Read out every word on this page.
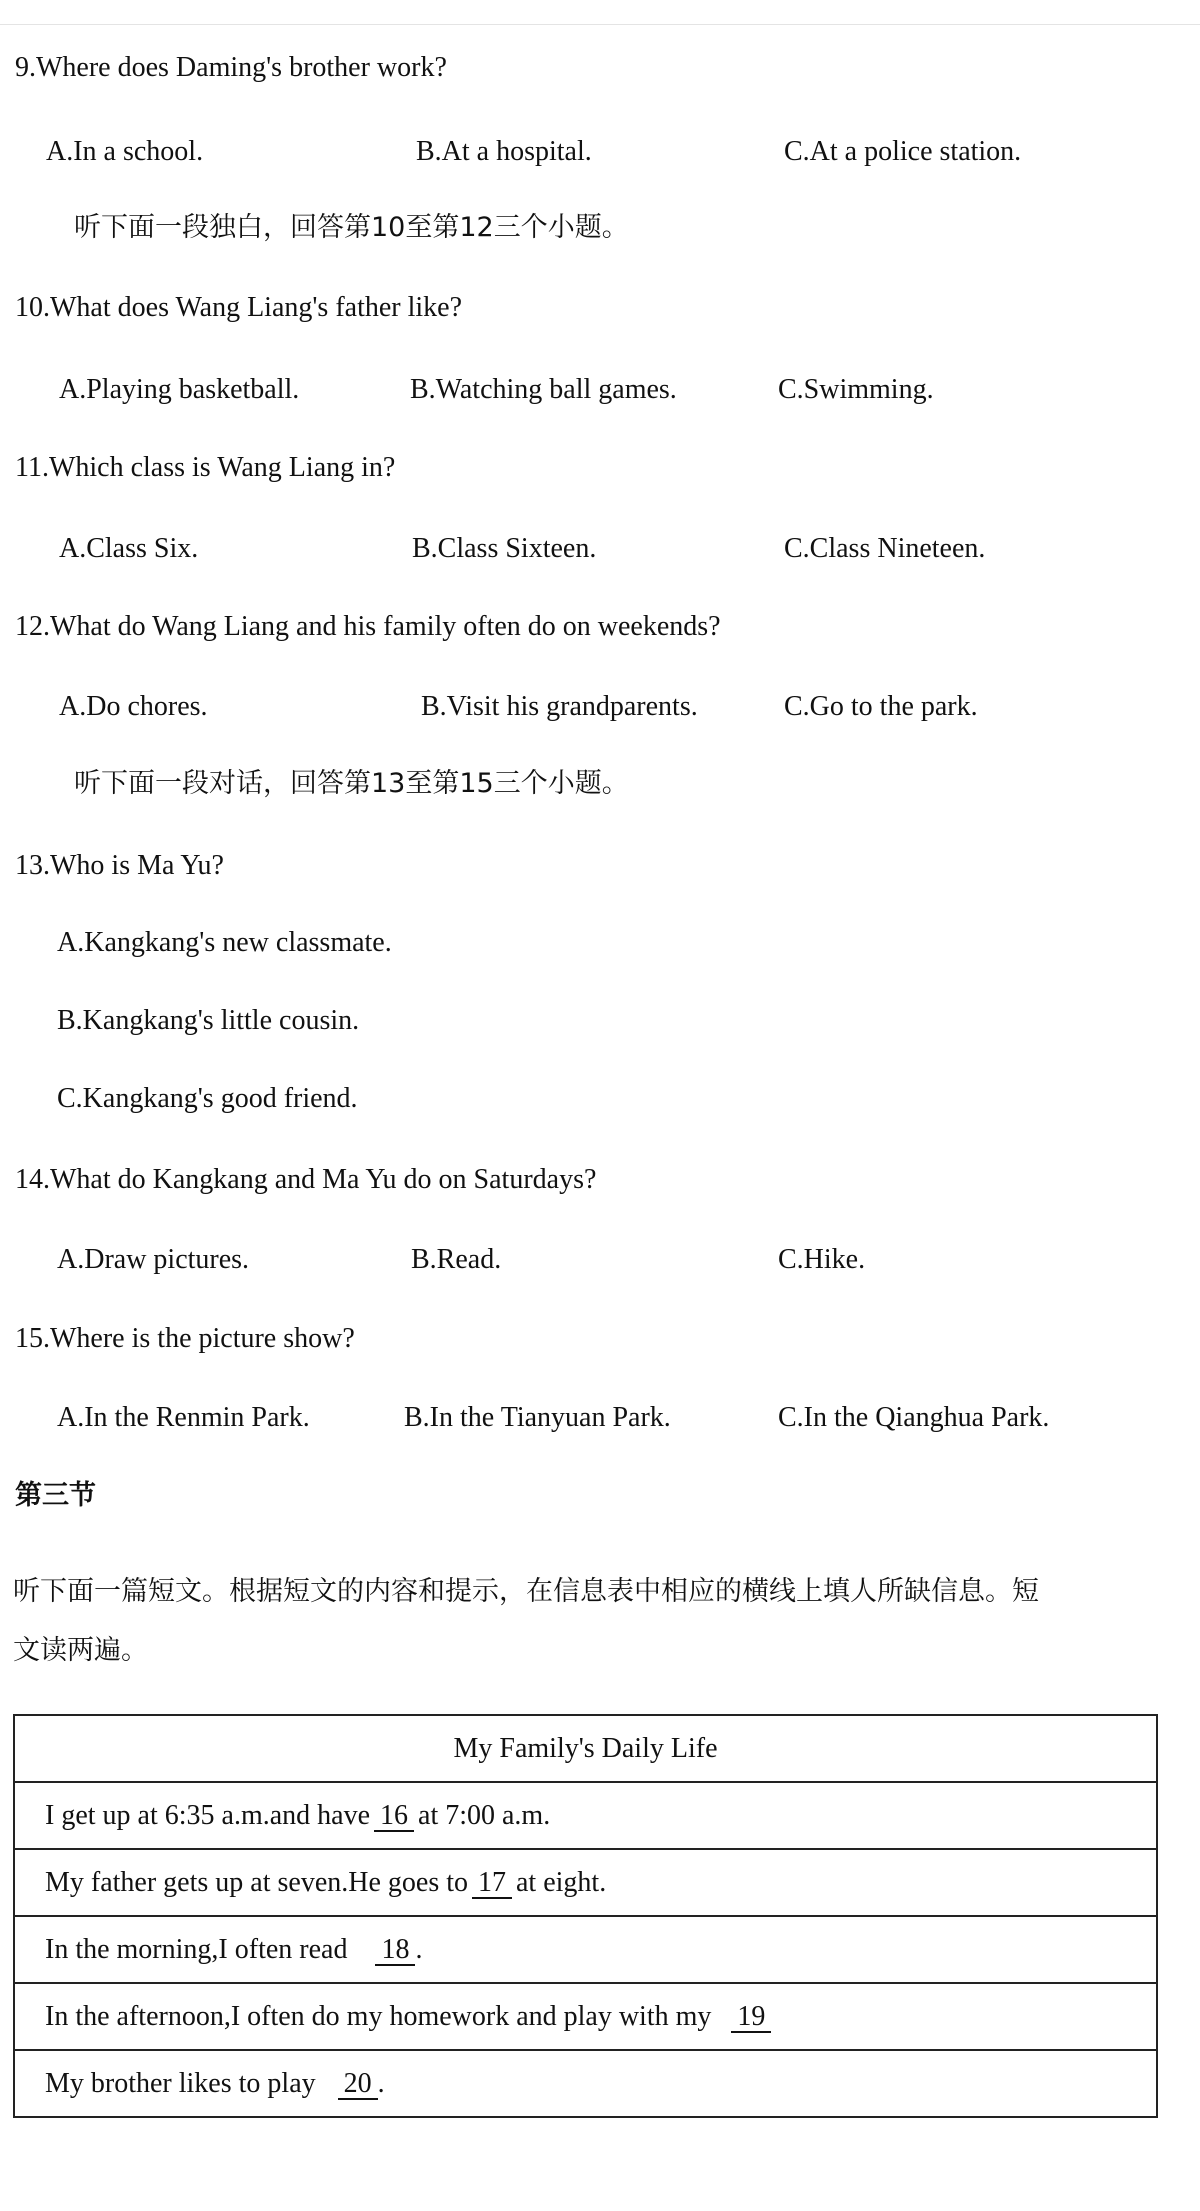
9.Where does Daming's brother work?
A.In a school.	B.At a hospital.	C.At a police station.
听下面一段独白，回答第10至第12三个小题。
10.What does Wang Liang's father like?
A.Playing basketball.	B.Watching ball games.	C.Swimming.
11.Which class is Wang Liang in?
A.Class Six.	B.Class Sixteen.	C.Class Nineteen.
12.What do Wang Liang and his family often do on weekends?
A.Do chores.	B.Visit his grandparents.	C.Go to the park.
听下面一段对话，回答第13至第15三个小题。
13.Who is Ma Yu?
A.Kangkang's new classmate.
B.Kangkang's little cousin.
C.Kangkang's good friend.
14.What do Kangkang and Ma Yu do on Saturdays?
A.Draw pictures.	B.Read.	C.Hike.
15.Where is the picture show?
A.In the Renmin Park.	B.In the Tianyuan Park.	C.In the Qianghua Park.
第三节
听下面一篇短文。根据短文的内容和提示，在信息表中相应的横线上填人所缺信息。短
文读两遍。
My Family's Daily Life
I get up at 6:35 a.m.and have 16 at 7:00 a.m.
My father gets up at seven.He goes to 17 at eight.
In the morning,I often read 18 .
In the afternoon,I often do my homework and play with my 19
My brother likes to play 20 .
